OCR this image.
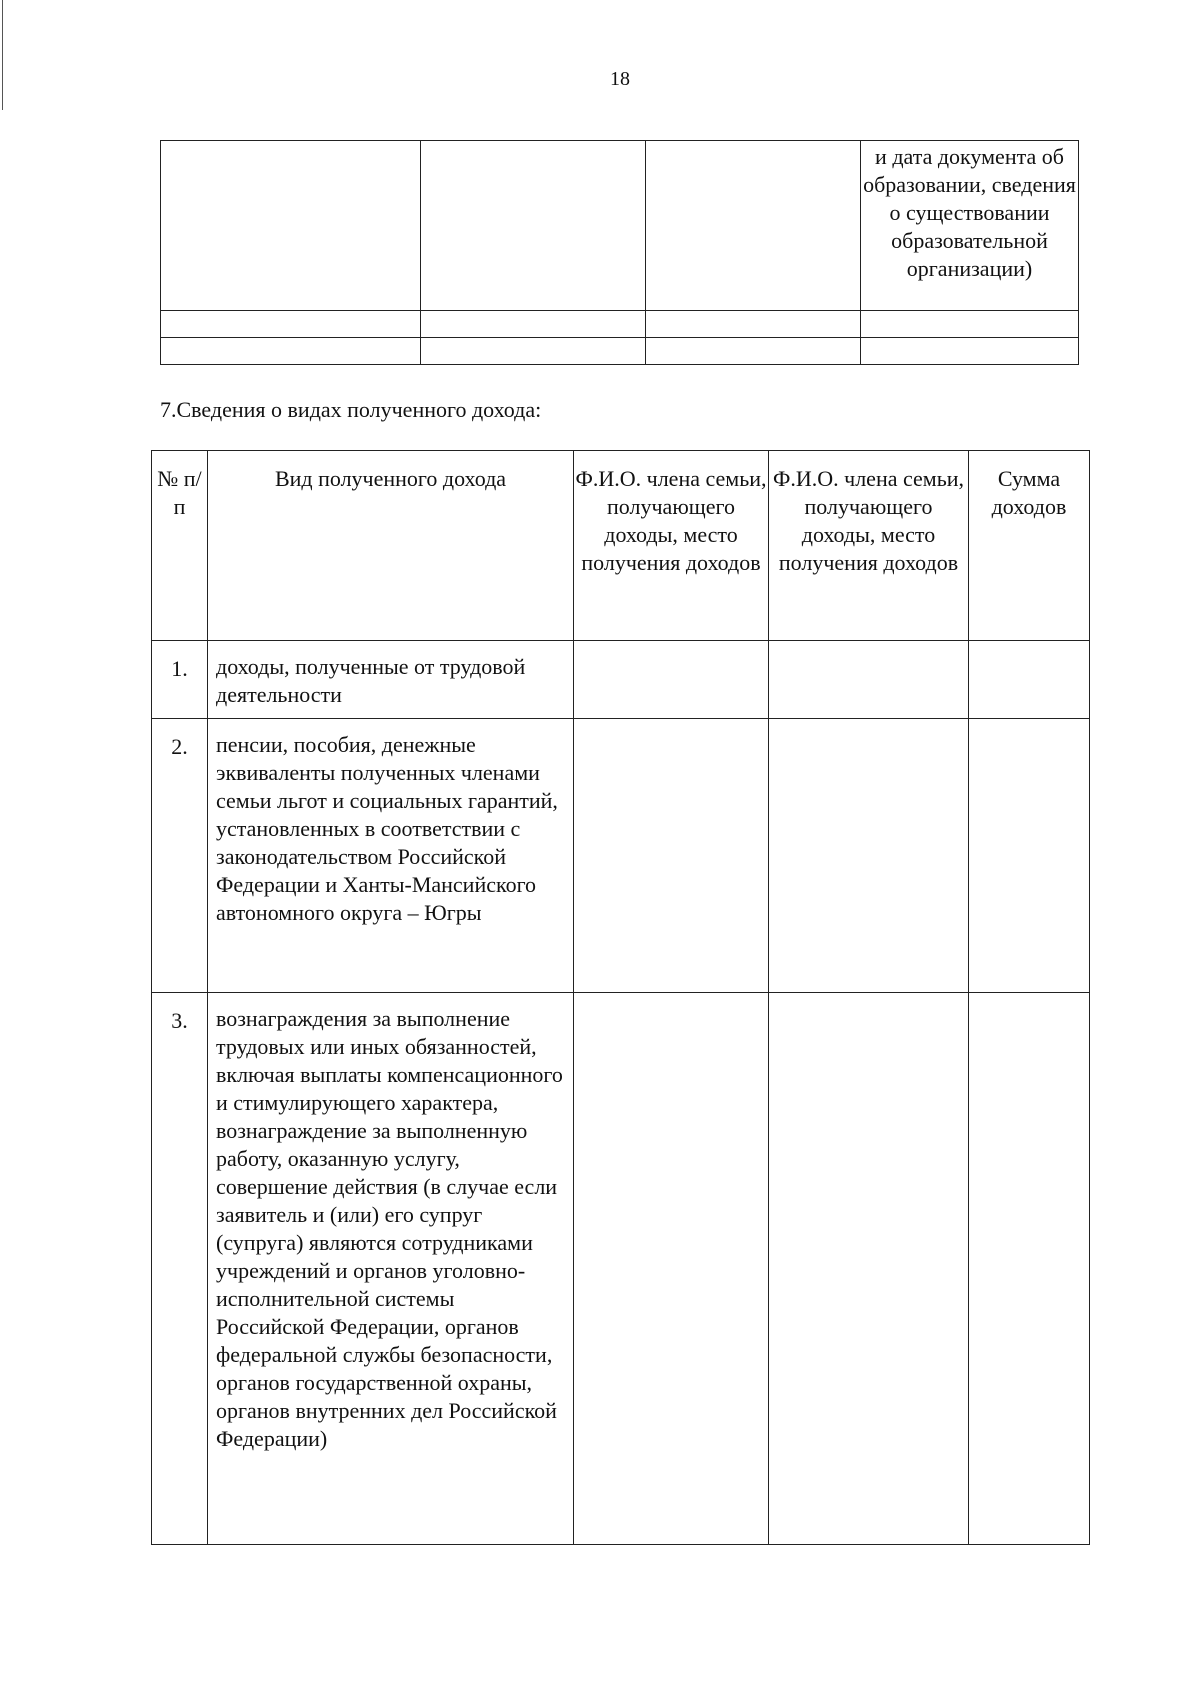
18
			и дата документа об образовании, сведения о существовании образовательной организации)

7.Сведения о видах полученного дохода:
№ п/п	Вид полученного дохода	Ф.И.О. члена семьи, получающего доходы, место получения доходов	Ф.И.О. члена семьи, получающего доходы, место получения доходов	Сумма доходов
1.	доходы, полученные от трудовой деятельности			
2.	пенсии, пособия, денежные эквиваленты полученных членами семьи льгот и социальных гарантий, установленных в соответствии с законодательством Российской Федерации и Ханты-Мансийского автономного округа – Югры			
3.	вознаграждения за выполнение трудовых или иных обязанностей, включая выплаты компенсационного и стимулирующего характера, вознаграждение за выполненную работу, оказанную услугу, совершение действия (в случае если заявитель и (или) его супруг (супруга) являются сотрудниками учреждений и органов уголовно-исполнительной системы Российской Федерации, органов федеральной службы безопасности, органов государственной охраны, органов внутренних дел Российской Федерации)			
